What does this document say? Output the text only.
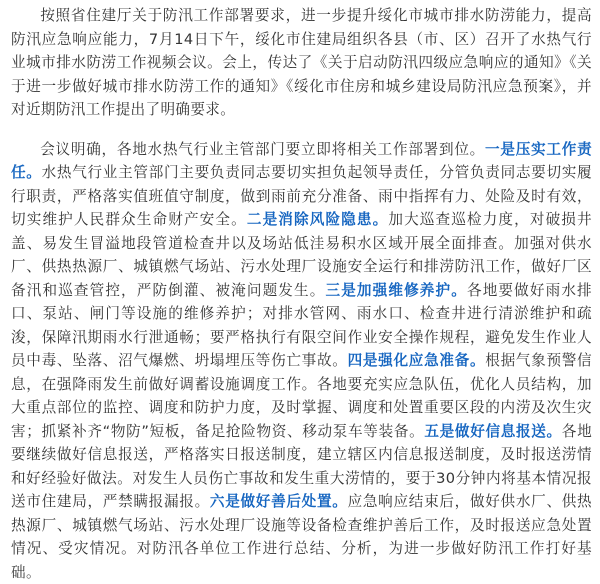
按照省住建厅关于防汛工作部署要求，进一步提升绥化市城市排水防涝能力，提高防汛应急响应能力，7月14日下午，绥化市住建局组织各县（市、区）召开了水热气行业城市排水防涝工作视频会议。会上，传达了《关于启动防汛四级应急响应的通知》《关于进一步做好城市排水防涝工作的通知》《绥化市住房和城乡建设局防汛应急预案》，并对近期防汛工作提出了明确要求。

会议明确，各地水热气行业主管部门要立即将相关工作部署到位。一是压实工作责任。水热气行业主管部门主要负责同志要切实担负起领导责任，分管负责同志要切实履行职责，严格落实值班值守制度，做到雨前充分准备、雨中指挥有力、处险及时有效，切实维护人民群众生命财产安全。二是消除风险隐患。加大巡查巡检力度，对破损井盖、易发生冒溢地段管道检查井以及场站低洼易积水区域开展全面排查。加强对供水厂、供热热源厂、城镇燃气场站、污水处理厂设施安全运行和排涝防汛工作，做好厂区备汛和巡查管控，严防倒灌、被淹问题发生。三是加强维修养护。各地要做好雨水排口、泵站、闸门等设施的维修养护；对排水管网、雨水口、检查井进行清淤维护和疏浚，保障汛期雨水行泄通畅；要严格执行有限空间作业安全操作规程，避免发生作业人员中毒、坠落、沼气爆燃、坍塌埋压等伤亡事故。四是强化应急准备。根据气象预警信息，在强降雨发生前做好调蓄设施调度工作。各地要充实应急队伍，优化人员结构，加大重点部位的监控、调度和防护力度，及时掌握、调度和处置重要区段的内涝及次生灾害；抓紧补齐“物防”短板，备足抢险物资、移动泵车等装备。五是做好信息报送。各地要继续做好信息报送，严格落实日报送制度，建立辖区内信息报送制度，及时报送涝情和好经验好做法。对发生人员伤亡事故和发生重大涝情的，要于30分钟内将基本情况报送市住建局，严禁瞒报漏报。六是做好善后处置。应急响应结束后，做好供水厂、供热热源厂、城镇燃气场站、污水处理厂设施等设备检查维护善后工作，及时报送应急处置情况、受灾情况。对防汛各单位工作进行总结、分析，为进一步做好防汛工作打好基础。
